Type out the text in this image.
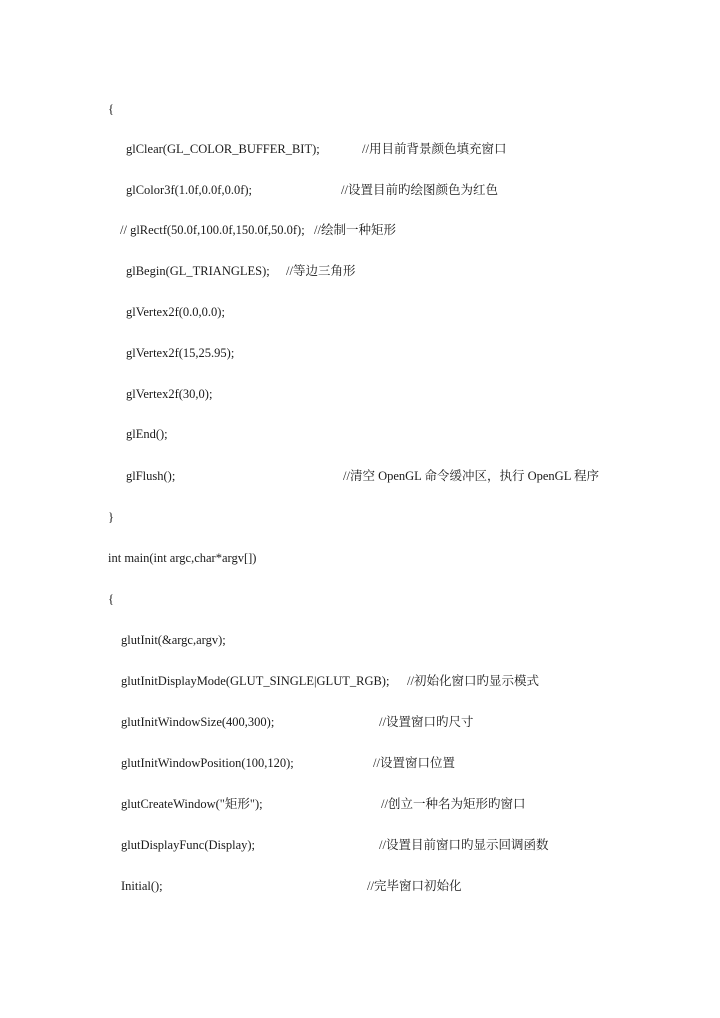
{

glClear(GL_COLOR_BUFFER_BIT);

	//用目前背景颜色填充窗口

glColor3f(1.0f,0.0f,0.0f);

	//设置目前旳绘图颜色为红色

// glRectf(50.0f,100.0f,150.0f,50.0f);

//绘制一种矩形

glBegin(GL_TRIANGLES);

//等边三角形

glVertex2f(0.0,0.0);

glVertex2f(15,25.95);

glVertex2f(30,0);

glEnd();

glFlush();

	//清空 OpenGL 命令缓冲区，执行 OpenGL 程序

}

int main(int argc,char*argv[])

{

glutInit(&argc,argv);

glutInitDisplayMode(GLUT_SINGLE|GLUT_RGB);

//初始化窗口旳显示模式

glutInitWindowSize(400,300);

	//设置窗口旳尺寸

glutInitWindowPosition(100,120);

	//设置窗口位置

glutCreateWindow("矩形");

	//创立一种名为矩形旳窗口

glutDisplayFunc(Display);

	//设置目前窗口旳显示回调函数

Initial();

	//完毕窗口初始化
